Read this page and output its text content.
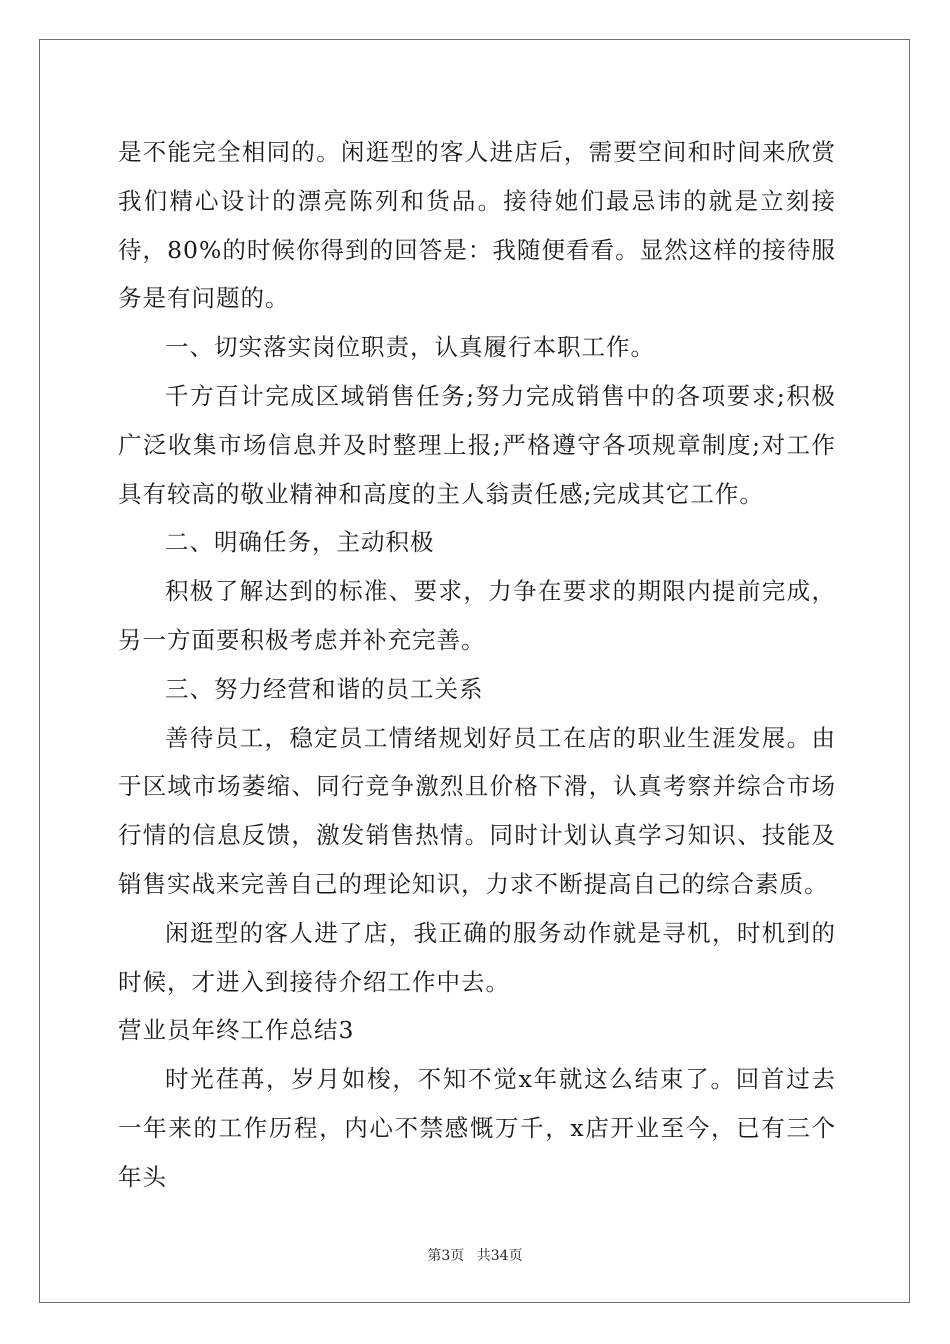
是不能完全相同的。闲逛型的客人进店后，需要空间和时间来欣赏我们精心设计的漂亮陈列和货品。接待她们最忌讳的就是立刻接待，80%的时候你得到的回答是：我随便看看。显然这样的接待服务是有问题的。

一、切实落实岗位职责，认真履行本职工作。

千方百计完成区域销售任务;努力完成销售中的各项要求;积极广泛收集市场信息并及时整理上报;严格遵守各项规章制度;对工作具有较高的敬业精神和高度的主人翁责任感;完成其它工作。

二、明确任务，主动积极

积极了解达到的标准、要求，力争在要求的期限内提前完成，另一方面要积极考虑并补充完善。

三、努力经营和谐的员工关系

善待员工，稳定员工情绪规划好员工在店的职业生涯发展。由于区域市场萎缩、同行竞争激烈且价格下滑，认真考察并综合市场行情的信息反馈，激发销售热情。同时计划认真学习知识、技能及销售实战来完善自己的理论知识，力求不断提高自己的综合素质。

闲逛型的客人进了店，我正确的服务动作就是寻机，时机到的时候，才进入到接待介绍工作中去。

营业员年终工作总结3

时光荏苒，岁月如梭，不知不觉x年就这么结束了。回首过去一年来的工作历程，内心不禁感慨万千，x店开业至今，已有三个年头

第3页 共34页
